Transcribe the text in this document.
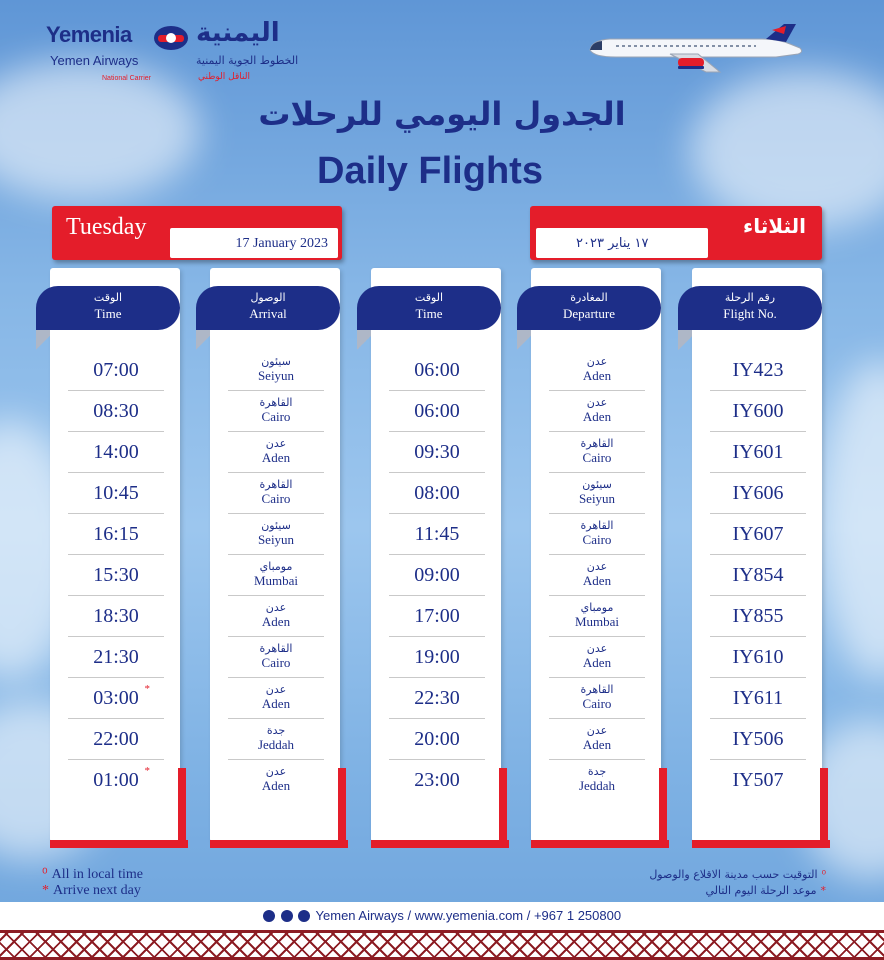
Yemenia اليمنية
Yemen Airways	الخطوط الجوية اليمنية
National Carrier	الناقل الوطني
الجدول اليومي للرحلات
Daily Flights
Tuesday
17 January 2023
الثلاثاء
١٧ يناير ٢٠٢٣
الوقت
Time
07:00
08:30
14:00
10:45
16:15
15:30
18:30
21:30
03:00 *
22:00
01:00 *
الوصول
Arrival
سيئون
Seiyun
القاهرة
Cairo
عدن
Aden
القاهرة
Cairo
سيئون
Seiyun
مومباي
Mumbai
عدن
Aden
القاهرة
Cairo
عدن
Aden
جدة
Jeddah
عدن
Aden
الوقت
Time
06:00
06:00
09:30
08:00
11:45
09:00
17:00
19:00
22:30
20:00
23:00
المغادرة
Departure
عدن
Aden
عدن
Aden
القاهرة
Cairo
سيئون
Seiyun
القاهرة
Cairo
عدن
Aden
مومباي
Mumbai
عدن
Aden
القاهرة
Cairo
عدن
Aden
جدة
Jeddah
رقم الرحلة
Flight No.
IY423
IY600
IY601
IY606
IY607
IY854
IY855
IY610
IY611
IY506
IY507
⁰ All in local time
* Arrive next day
⁰التوقيت حسب مدينة الاقلاع والوصول
*موعد الرحلة اليوم التالي
Yemen Airways / www.yemenia.com / +967 1 250800
